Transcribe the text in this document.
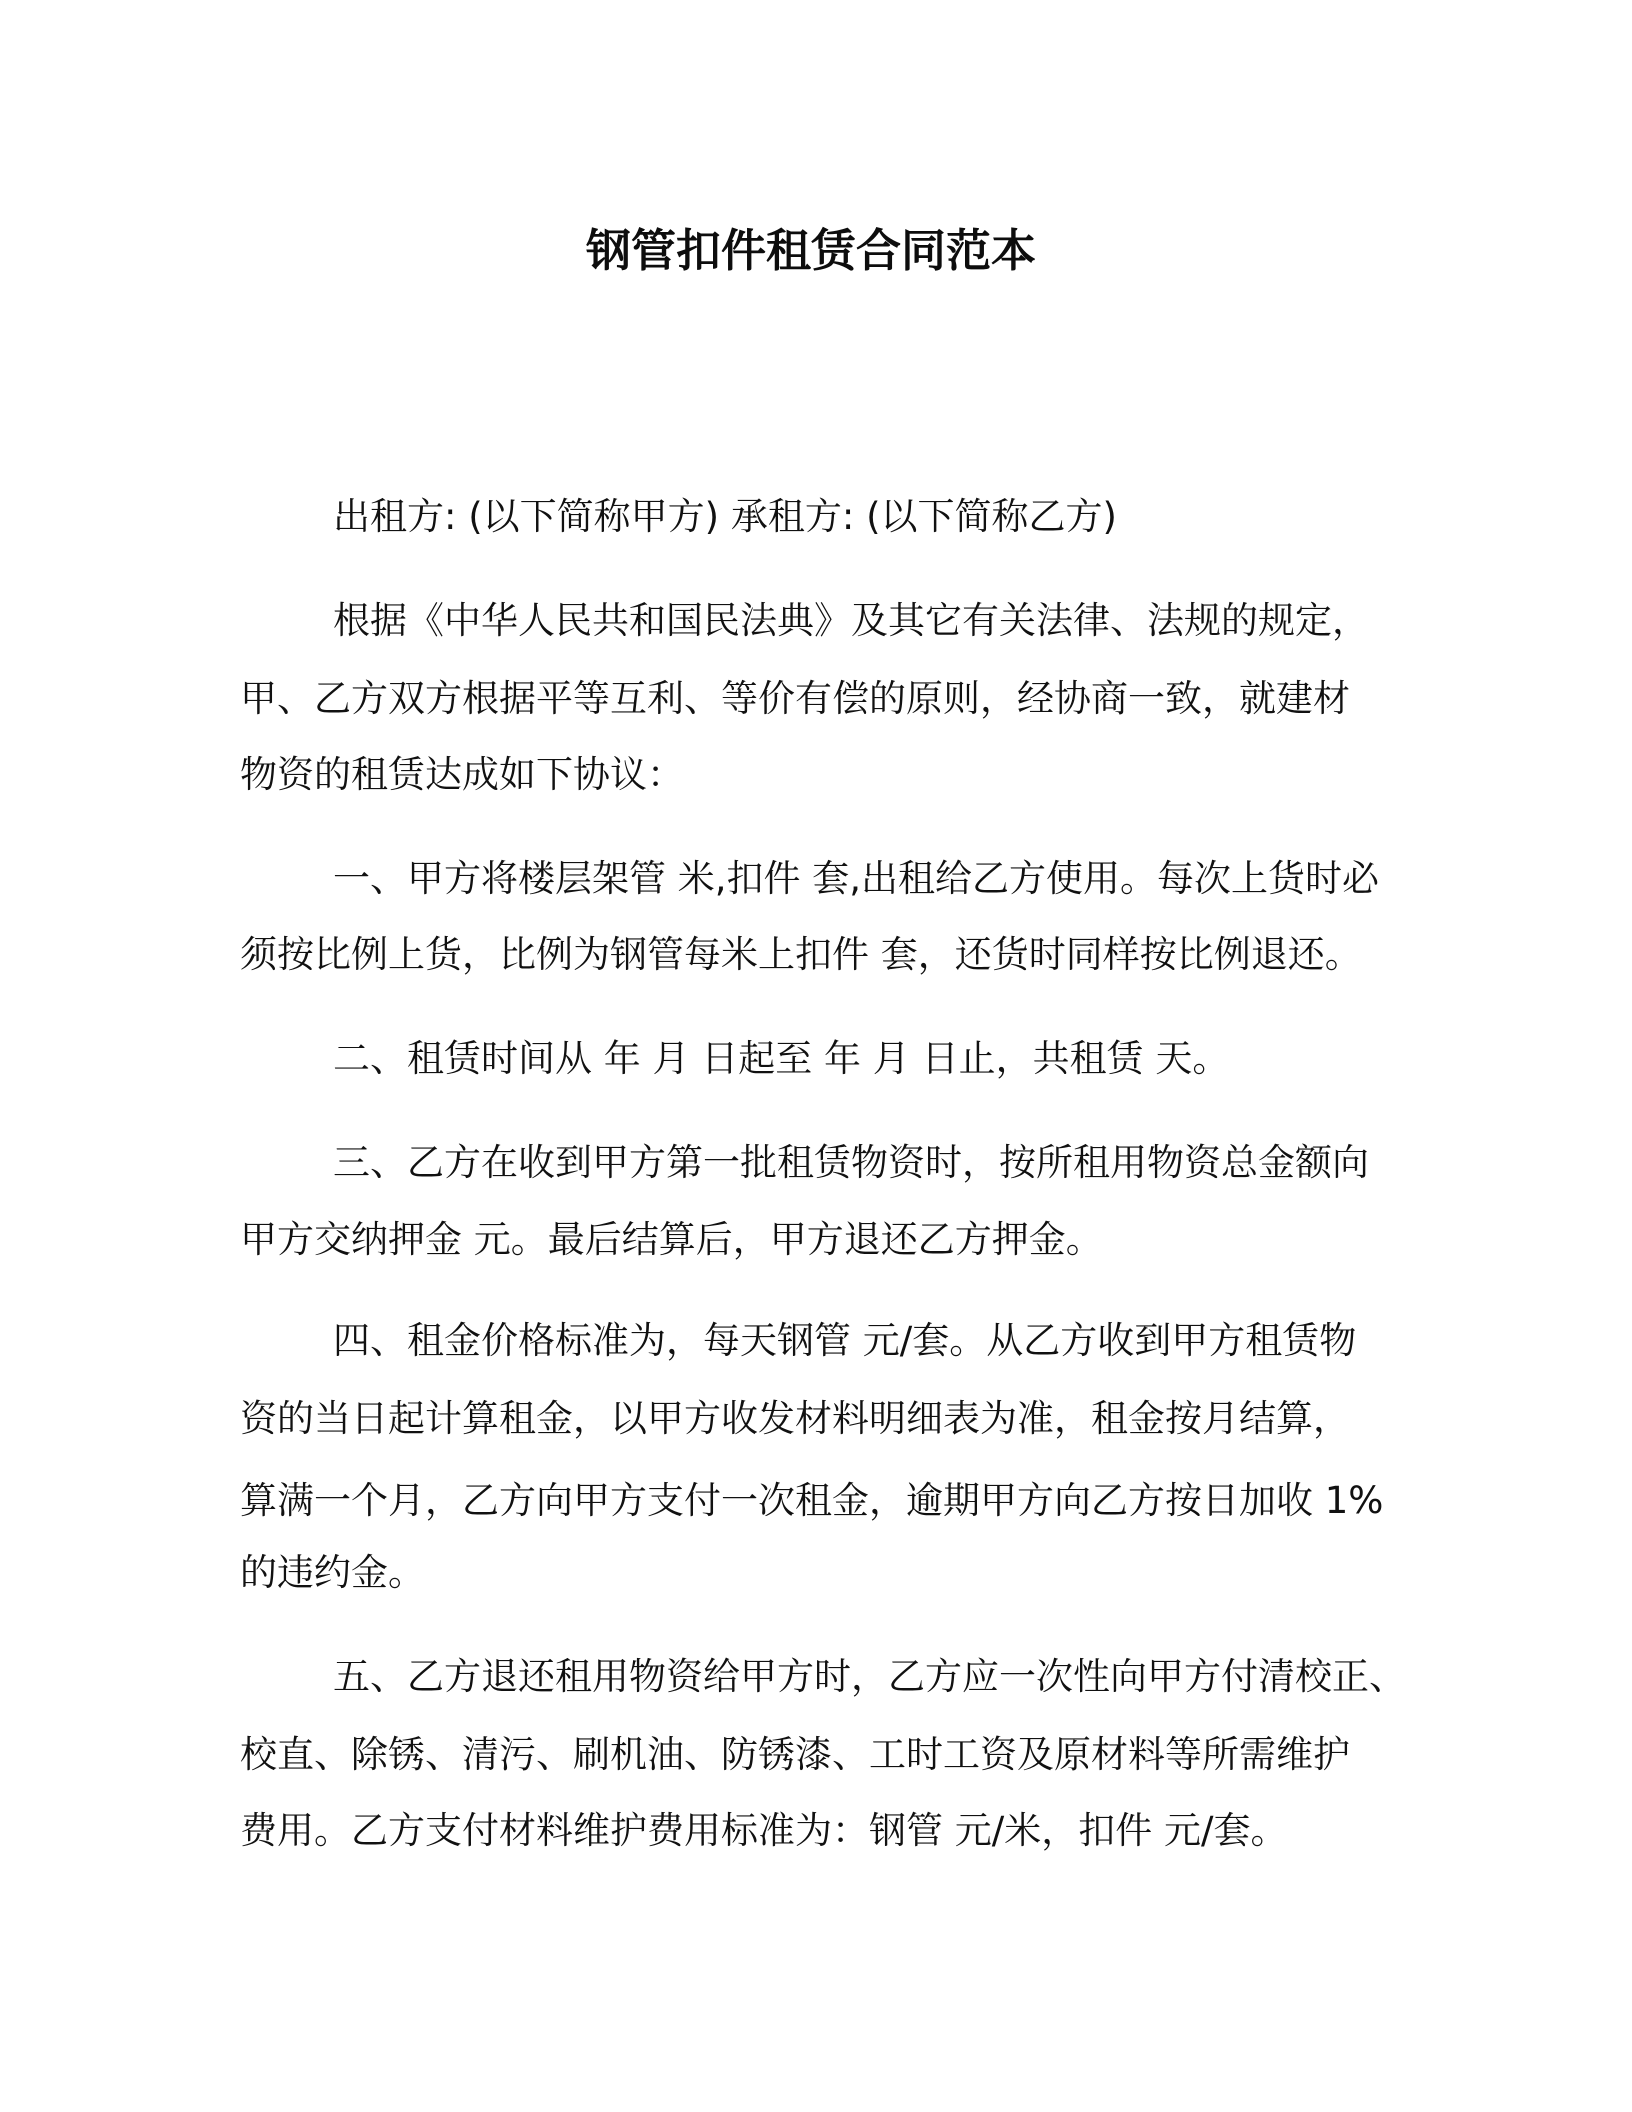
钢管扣件租赁合同范本
出租方: (以下简称甲方) 承租方: (以下简称乙方)
根据《中华人民共和国民法典》及其它有关法律、法规的规定，
甲、乙方双方根据平等互利、等价有偿的原则，经协商一致，就建材
物资的租赁达成如下协议：
一、甲方将楼层架管 米,扣件 套,出租给乙方使用。每次上货时必
须按比例上货，比例为钢管每米上扣件 套，还货时同样按比例退还。
二、租赁时间从 年 月 日起至 年 月 日止，共租赁 天。
三、乙方在收到甲方第一批租赁物资时，按所租用物资总金额向
甲方交纳押金 元。最后结算后，甲方退还乙方押金。
四、租金价格标准为，每天钢管 元/套。从乙方收到甲方租赁物
资的当日起计算租金，以甲方收发材料明细表为准，租金按月结算，
算满一个月，乙方向甲方支付一次租金，逾期甲方向乙方按日加收 1%
的违约金。
五、乙方退还租用物资给甲方时，乙方应一次性向甲方付清校正、
校直、除锈、清污、刷机油、防锈漆、工时工资及原材料等所需维护
费用。乙方支付材料维护费用标准为：钢管 元/米，扣件 元/套。
